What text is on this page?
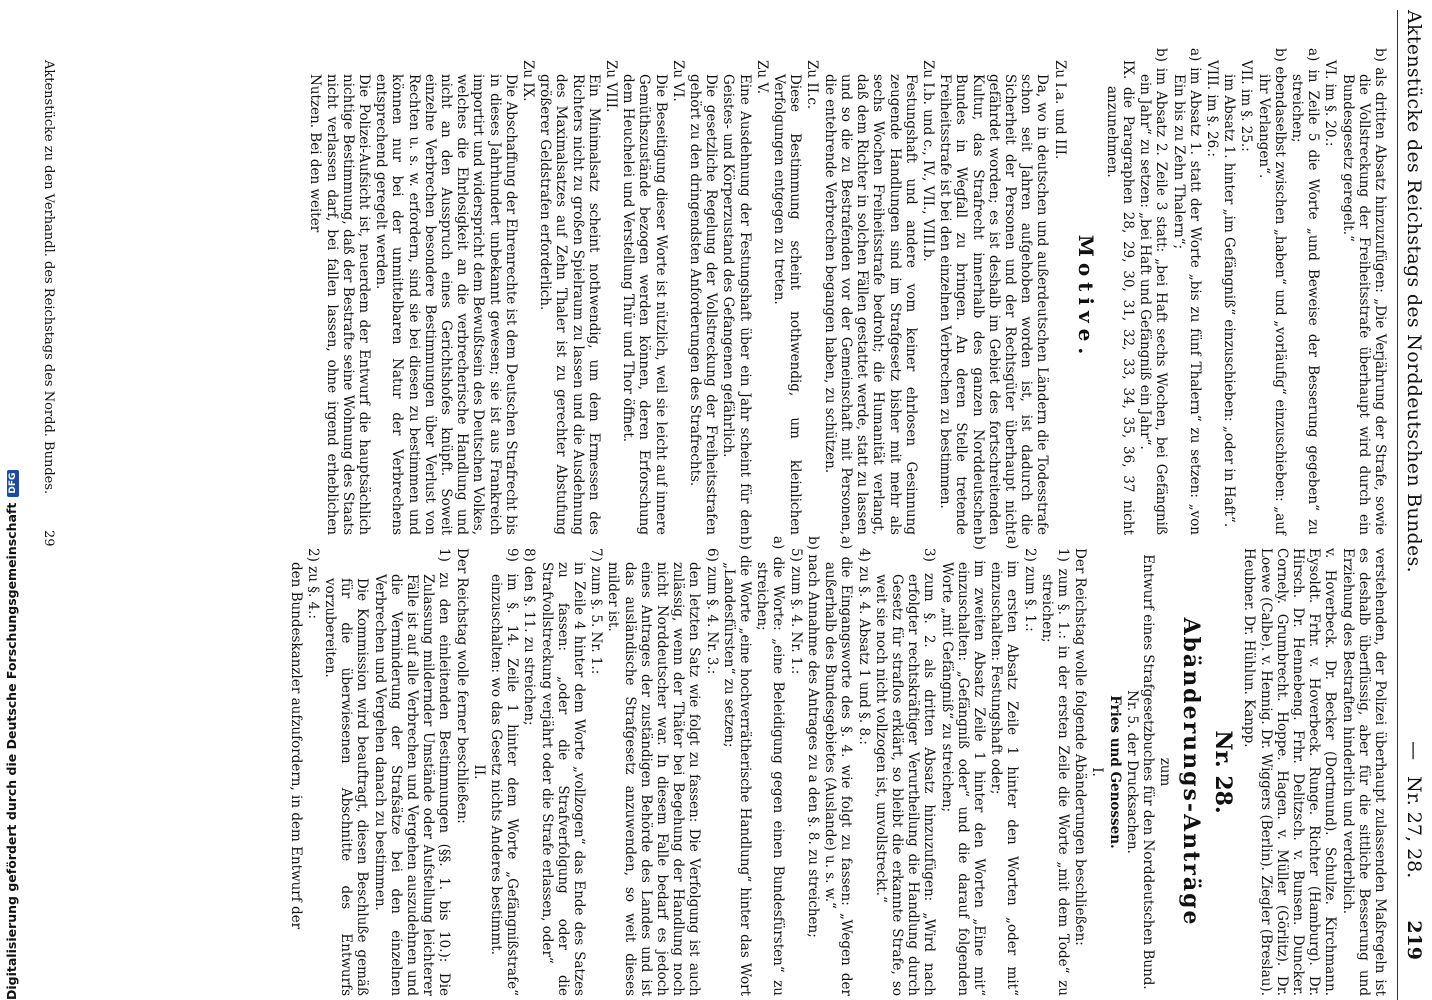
Aktenstücke des Reichstags des Norddeutschen Bundes.
— Nr. 27, 28. 219
b) als dritten Absatz hinzuzufügen: „Die Verjährung der Strafe, sowie die Vollstreckung der Freiheitsstrafe überhaupt wird durch ein Bundesgesetz geregelt.“
VI. im §. 20.:
a) in Zeile 5 die Worte „und Beweise der Besserung gegeben“ zu streichen;
b) ebendaselbst zwischen „haben“ und „vorläufig“ einzuschieben: „auf ihr Verlangen“.
VII. im §. 25.:
im Absatz 1. hinter „im Gefängniß“ einzuschieben: „oder in Haft“.
VIII. im §. 26.:
a) im Absatz 1. statt der Worte „bis zu fünf Thalern“ zu setzen: „von Ein bis zu Zehn Thalern“;
b) im Absatz 2. Zeile 3 statt: „bei Haft sechs Wochen, bei Gefängniß ein Jahr“ zu setzen: „bei Haft und Gefängniß ein Jahr“.
IX. die Paragraphen 28, 29, 30, 31, 32, 33, 34, 35, 36, 37 nicht anzunehmen.
Motive.
Zu I.a. und III.
Da, wo in deutschen und außerdeutschen Ländern die Todesstrafe schon seit Jahren aufgehoben worden ist, ist dadurch die Sicherheit der Personen und der Rechtsgüter überhaupt nicht gefährdet worden; es ist deshalb im Gebiet des fortschreitenden Kultur, das Strafrecht innerhalb des ganzen Norddeutschen Bundes in Wegfall zu bringen. An deren Stelle tretende Freiheitsstrafe ist bei den einzelnen Verbrechen zu bestimmen.
Zu I.b. und c., IV., VII., VIII.b.
Festungshaft und andere vom keiner ehrlosen Gesinnung zeugende Handlungen sind im Strafgesetz bisher mit mehr als sechs Wochen Freiheitsstrafe bedroht; die Humanität verlangt, daß dem Richter in solchen Fällen gestattet werde, statt zu lassen und so die zu Bestrafenden vor der Gemeinschaft mit Personen, die entehrende Verbrechen begangen haben, zu schützen.
Zu II.c.
Diese Bestimmung scheint nothwendig, um kleinlichen Verfolgungen entgegen zu treten.
Zu V.
Eine Ausdehnung der Festungshaft über ein Jahr scheint für den Geistes- und Körperzustand des Gefangenen gefährlich.
Die gesetzliche Regelung der Vollstreckung der Freiheitsstrafen gehört zu den dringendsten Anforderungen des Strafrechts.
Zu VI.
Die Beseitigung dieser Worte ist nützlich, weil sie leicht auf innere Gemüthszustände bezogen werden können, deren Erforschung dem Heuchelei und Verstellung Thür und Thor öffnet.
Zu VIII.
Ein Minimalsatz scheint nothwendig, um dem Ermessen des Richters nicht zu großen Spielraum zu lassen und die Ausdehnung des Maximalsatzes auf Zehn Thaler ist zu gerechter Abstufung größerer Geldstrafen erforderlich.
Zu IX.
Die Abschaffung der Ehrenrechte ist dem Deutschen Strafrecht bis in dieses Jahrhundert unbekannt gewesen; sie ist aus Frankreich importirt und widerspricht dem Bewußtsein des Deutschen Volkes, welches die Ehrlosigkeit an die verbrecherische Handlung und nicht an den Ausspruch eines Gerichtshofes knüpft. Soweit einzelne Verbrechen besondere Bestimmungen über Verlust von Rechten u. s. w. erfordern, sind sie bei diesen zu bestimmen und können nur bei der unmittelbaren Natur der Verbrechens entsprechend geregelt werden.
Die Polizei-Aufsicht ist, neuerdem der Entwurf die hauptsächlich nichtige Bestimmung, daß der Bestrafte seine Wohnung des Staats nicht verlassen darf, bei fallen lassen, ohne irgend erheblichen Nutzen. Bei den weiter
verstehenden, der Polizei überhaupt zulassenden Maßregeln ist es deshalb überflüssig, aber für die sittliche Besserung und Erziehung des Bestraften hinderlich und verderblich.
v. Hoverbeck. Dr. Becker (Dortmund). Schulze. Kirchmann. Eysoldt. Frhr. v. Hoverbeck. Runge. Richter (Hamburg). Dr. Hirsch. Dr. Hennebeng. Frhr. Delitzsch. v. Bunsen. Duncker. Cornely. Grumbrecht. Hoppe. Hagen. v. Müller (Görlitz). Dr. Loewe (Calbe). v. Hennig. Dr. Wiggers (Berlin). Ziegler (Breslau). Heubner. Dr. Hühlun. Kanpp.
Nr. 28.
Abänderungs-Anträge
zum
Entwurf eines Strafgesetzbuches für den Norddeutschen Bund. Nr. 5. der Drucksachen.
Fries und Genossen.
I.
Der Reichstag wolle folgende Abänderungen beschließen:
1) zum §. 1.: in der ersten Zeile die Worte „mit dem Tode“ zu streichen;
2) zum §. 1.:
a) im ersten Absatz Zeile 1 hinter den Worten „oder mit“ einzuschalten: Festungshaft oder;
b) im zweiten Absatz Zeile 1 hinter den Worten „Eine mit“ einzuschalten: „Gefängniß oder“ und die darauf folgenden Worte „mit Gefängniß“ zu streichen;
3) zum §. 2. als dritten Absatz hinzuzufügen: „Wird nach erfolgter rechtskräftiger Verurtheilung die Handlung durch Gesetz für straflos erklärt, so bleibt die erkannte Strafe, so weit sie noch nicht vollzogen ist, unvollstreckt.“
4) zu §. 4. Absatz 1 und §. 8.:
a) die Eingangsworte des §. 4. wie folgt zu fassen: „Wegen der außerhalb des Bundesgebietes (Auslande) u. s. w.“
b) nach Annahme des Antrages zu a den §. 8. zu streichen;
5) zum §. 4. Nr. 1.:
a) die Worte: „eine Beleidigung gegen einen Bundesfürsten“ zu streichen;
b) die Worte „eine hochverrätherische Handlung“ hinter das Wort „Landesfürsten“ zu setzen;
6) zum §. 4. Nr. 3.:
den letzten Satz wie folgt zu fassen: Die Verfolgung ist auch zulässig, wenn der Thäter bei Begehung der Handlung noch nicht Norddeutscher war. In diesem Falle bedarf es jedoch eines Antrages der zuständigen Behörde des Landes und ist das ausländische Strafgesetz anzuwenden, so weit dieses milder ist.
7) zum §. 5. Nr. 1.:
in Zeile 4 hinter dem Worte „vollzogen“ das Ende des Satzes zu fassen: „oder die Strafverfolgung oder die Strafvollstreckung verjährt oder die Strafe erlassen, oder“
8) den §. 11. zu streichen;
9) im §. 14. Zeile 1 hinter dem Worte „Gefängnißstrafe“ einzuschalten: wo das Gesetz nichts Anderes bestimmt.
II.
Der Reichstag wolle ferner beschließen:
1) zu den einleitenden Bestimmungen (§§. 1. bis 10.): Die Zulassung mildernder Umstände oder Aufstellung leichterer Fälle ist auf alle Verbrechen und Vergehen auszudehnen und die Verminderung der Strafsätze bei den einzelnen Verbrechen und Vergehen danach zu bestimmen.
Die Kommission wird beauftragt, diesen Beschluße gemäß für die überwiesenen Abschnitte des Entwurfs vorzubereiten.
2) zu §. 4.:
den Bundeskanzler aufzufordern, in dem Entwurf der
Aktenstücke zu den Verhandl. des Reichstags des Nordd. Bundes.
29
Digitalisierung gefördert durch die Deutsche ForschungsgemeinschaftDFG
